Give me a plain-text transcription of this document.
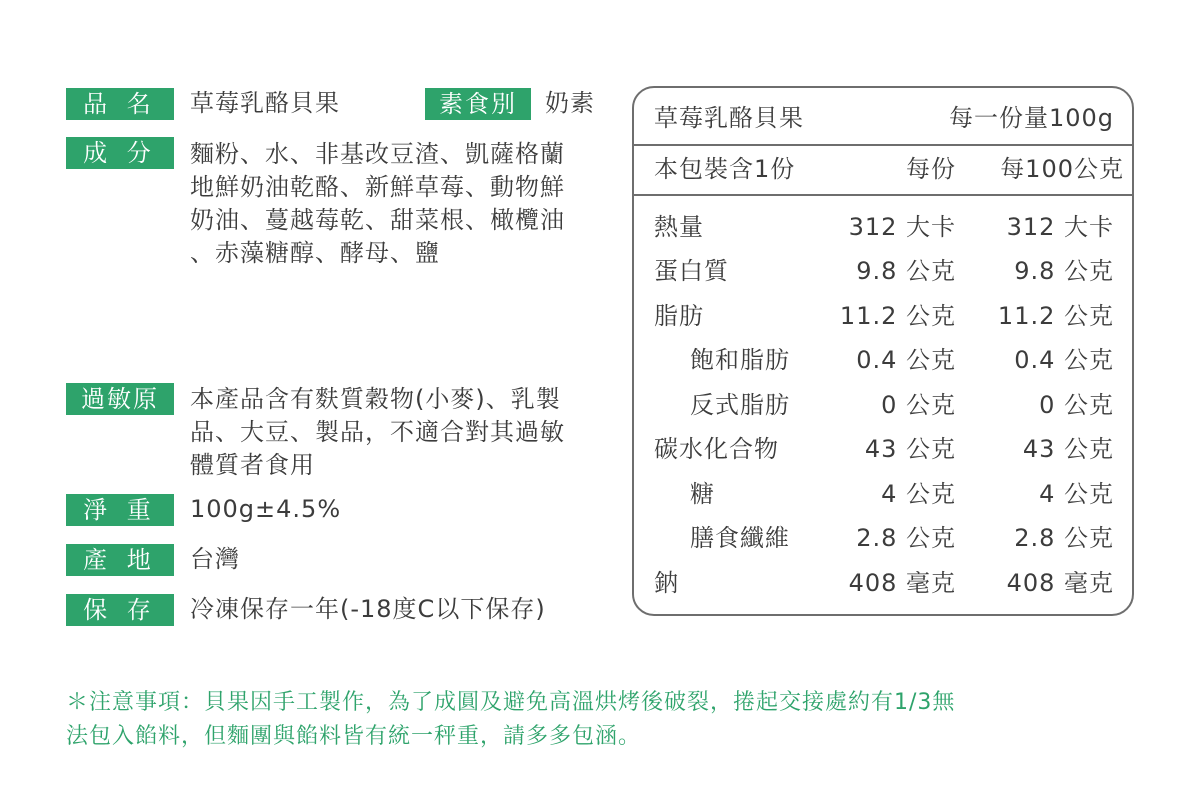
品 名	草莓乳酪貝果	素食別	奶素
成 分	麵粉、水、非基改豆渣、凱薩格蘭
地鮮奶油乾酪、新鮮草莓、動物鮮
奶油、蔓越莓乾、甜菜根、橄欖油
、赤藻糖醇、酵母、鹽
過敏原	本產品含有麩質穀物(小麥)、乳製
品、大豆、製品，不適合對其過敏
體質者食用
淨 重	100g±4.5%
產 地	台灣
保 存	冷凍保存一年(-18度C以下保存)
草莓乳酪貝果	每一份量100g
本包裝含1份	每份 每100公克
熱量	312 大卡 312 大卡
蛋白質	9.8 公克 9.8 公克
脂肪	11.2 公克 11.2 公克
飽和脂肪	0.4 公克 0.4 公克
反式脂肪	0 公克	0 公克
碳水化合物	43 公克	43 公克
糖	4 公克	4 公克
膳食纖維	2.8 公克 2.8 公克
鈉	408 毫克 408 毫克
＊注意事項：貝果因手工製作，為了成圓及避免高溫烘烤後破裂，捲起交接處約有1/3無
法包入餡料，但麵團與餡料皆有統一秤重，請多多包涵。
